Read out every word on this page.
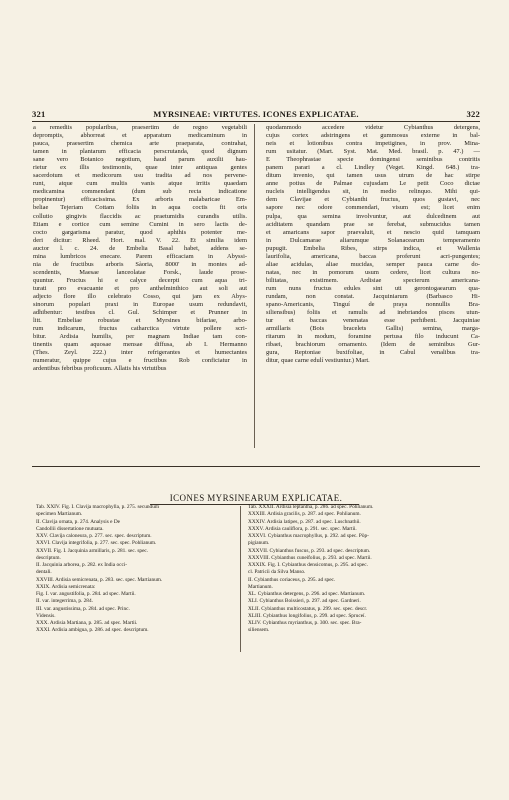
321	MYRSINEAE: VIRTUTES. ICONES EXPLICATAE.	322
a remediis popularibus, praesertim de regno vegetabili
depromptis, abhorreat et apparatum medicaminum in
pauca, praesertim chemica arte praeparata, contrahat,
tamen in plantarum efficacia perscrutanda, quod dignum
sane vero Botanico negotium, haud parum auxilii hau-
rietur ex illis testimoniis, quae inter antiquas gentes
sacerdotum et medicorum usu tradita ad nos pervene-
runt, atque cum multis vanis atque irritis quaedam
medicamina commendant (dum sub recta indicatione
propinentur) efficacissima. Ex arboris malabaricae Em-
beliae Tejeriam Cottam foliis in aqua coctis fit oris
collutio gingivis flaccidis ac praetumidis curandis utilis.
Etiam e cortice cum semine Cumini in sero lactis de-
cocto gargarisma paratur, quod aphthis potenter me-
deri dicitur: Rheed. Hort. mal. V. 22. Et similia idem
auctor l. c. 24. de Embelia Basal habet, addens se-
mina lumbricos enecare. Parem efficaciam in Abyssi-
nia de fructibus arboris Sàoria, 8000' in montes ad-
scendentis, Maesae lanceolatae Forsk., laude prose-
quuntur. Fructus hi e calyce decerpti cum aqua tri-
turati pro evacuante et pro anthelminthico aut soli aut
adjecto flore illo celebrato Cosso, qui jam ex Abys-
sinorum populari praxi in Europae usum redundavit,
adhibentur: testibus cl. Gul. Schimper et Prunner in
litt. Embeliae robustae et Myrsines bifariae, arbo-
rum indicarum, fructus catharctica virtute pollere scri-
bitur. Ardisia humilis, per magnam Indiae tam con-
tinentis quam aquosae mensae diffusa, ab I. Hermanno
(Thes. Zeyl. 222.) inter refrigerantes et humectantes
numeratur, quippe cujus e fructibus Rob conficiatur in
ardentibus febribus proficuum. Allatis his virtutibus
quodammodo accedere videtur Cybianthus detergens,
cujus cortex adstringens et gummosus externe in bal-
neis et lotionibus contra impetigines, in prov. Mina-
rum usitatur. (Mart. Syst. Mat. Med. brasil. p. 47.) —
E Theophrastae specie domingensi seminibus contritis
panem parari a cl. Lindley (Veget. Kingd. 648.) tra-
ditum invenio, qui tamen usus utrum de hac stirpe
anne potius de Palmae cujusdam Le petit Coco dictae
nucleis intelligendus sit, in medio relinquo. Mihi qui-
dem Clavijae et Cybianthi fructus, quos gustavi, nec
sapore nec odore commendari, visum est; licet enim
pulpa, qua semina involvuntur, aut dulcedinem aut
aciditatem quandam prae se ferebat, submucidus tamen
et amaricans sapor praevaluit, et nescio quid tamquam
in Dulcamarae aliarumque Solanacearum temperamento
pupugit. Embelia Ribes, stirps indica, et Wallenia
laurifolia, americana, baccas proferunt acri-pungentes;
aliae acidulas, aliae mucidas, semper pauca carne do-
natas, nec in pomorum usum cedere, licet cultura no-
bilitatas, existimem. Ardisiae specierum americana-
rum nuns fructus edules sint uti gerontogaearum qua-
rundam, non constat. Jacquiniarum (Barbasco Hi-
spano-Americanis, Tinguí de praya nonnullis Bra-
siliensibus) foliis et ramulis ad inebriandos pisces utun-
tur et baccas venenatas esse perhibent. Jacquiniae
armillaris (Bois bracelets Gallis) semina, marga-
ritarum in modum, foramine pertusa filo inducunt Ca-
ribaei, brachiorum ornamento. (Idem de seminibus Gur-
gura, Reptoniae buxifoliae, in Cabul venalibus tra-
ditur, quae carne edulí vestiuntur.) Mart.
ICONES MYRSINEARUM EXPLICATAE.
Tab. XXIV. Fig. I. Clavija macrophylla, p. 275. secundum
specimen Martianum.
II. Clavija ornata, p. 274. Analysis e De
Candollii dissertatione mutuata.
XXV. Clavija caloneura, p. 277. sec. spec. descriptum.
XXVI. Clavija integrifolia, p. 277. sec. spec. Pohlianum.
XXVII. Fig. I. Jacquinia armillaris, p. 281. sec. spec.
descriptum.
II. Jacquinia arborea, p. 282. ex India occi-
dentali.
XXVIII. Ardisia semicrenata, p. 283. sec. spec. Martianum.
XXIX. Ardisia semicrenata:
Fig. I. var. angustifolia, p. 284. ad spec. Martii.
II. var. integerrima, p. 284.
III. var. angustissima, p. 284. ad spec. Princ.
Vidensis.
XXX. Ardisia Martiana, p. 285. ad spec. Martii.
XXXI. Ardisia ambigua, p. 286. ad spec. descriptum.
Tab. XXXII. Ardisia leptantha, p. 286. ad spec. Pohlianum.
XXXIII. Ardisia gracilis, p. 287. ad spec. Pohlianum.
XXXIV. Ardisia latipes, p. 287. ad spec. Luschnathii.
XXXV. Ardisia cauliflora, p. 291. sec. spec. Martii.
XXXVI. Cybianthus macrophyllus, p. 292. ad spec. Pöp-
pigianum.
XXXVII. Cybianthus fuscus, p. 293. ad spec. descriptum.
XXXVIII. Cybianthus cuneifolius, p. 293. ad spec. Martii.
XXXIX. Fig. I. Cybianthus densicomus, p. 295. ad spec.
cl. Patricii da Silva Manso.
II. Cybianthus coriaceus, p. 295. ad spec.
Martianum.
XL. Cybianthus detergens, p. 296. ad spec. Martianum.
XLI. Cybianthus Boissieri, p. 297. ad spec. Gardneri.
XLII. Cybianthus multicostatus, p. 299. sec. spec. descr.
XLIII. Cybianthus longifolius, p. 299. ad spec. Spruceí.
XLIV. Cybianthus myrianthus, p. 300. sec. spec. Bra-
siliensem.
